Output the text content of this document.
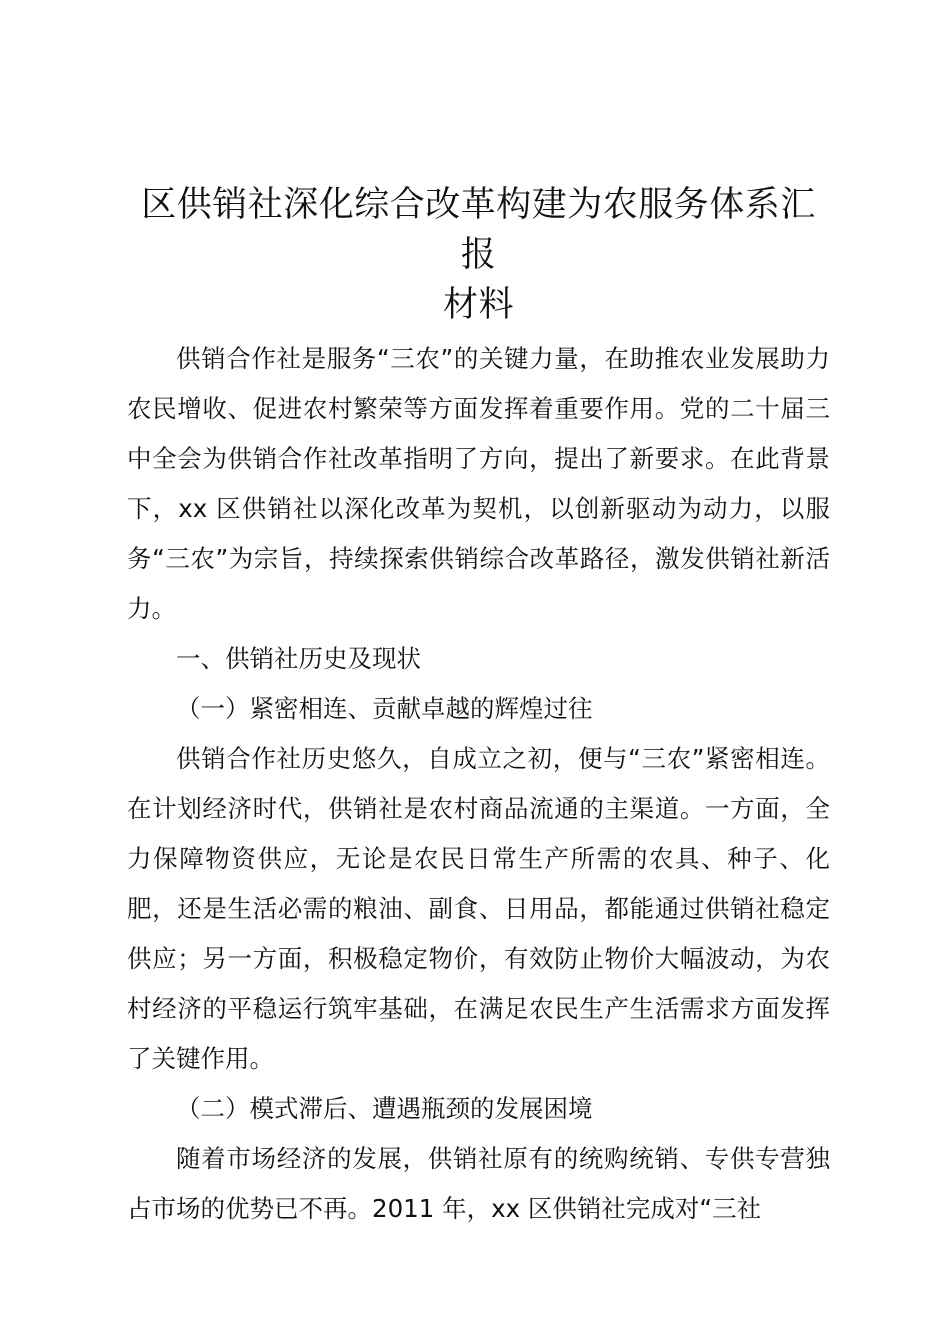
区供销社深化综合改革构建为农服务体系汇报
材料

供销合作社是服务“三农”的关键力量，在助推农业发展助力农民增收、促进农村繁荣等方面发挥着重要作用。党的二十届三中全会为供销合作社改革指明了方向，提出了新要求。在此背景下，xx 区供销社以深化改革为契机，以创新驱动为动力，以服务“三农”为宗旨，持续探索供销综合改革路径，激发供销社新活力。

一、供销社历史及现状

（一）紧密相连、贡献卓越的辉煌过往

供销合作社历史悠久，自成立之初，便与“三农”紧密相连。在计划经济时代，供销社是农村商品流通的主渠道。一方面，全力保障物资供应，无论是农民日常生产所需的农具、种子、化肥，还是生活必需的粮油、副食、日用品，都能通过供销社稳定供应；另一方面，积极稳定物价，有效防止物价大幅波动，为农村经济的平稳运行筑牢基础，在满足农民生产生活需求方面发挥了关键作用。

（二）模式滞后、遭遇瓶颈的发展困境

随着市场经济的发展，供销社原有的统购统销、专供专营独占市场的优势已不再。2011 年，xx 区供销社完成对“三社
